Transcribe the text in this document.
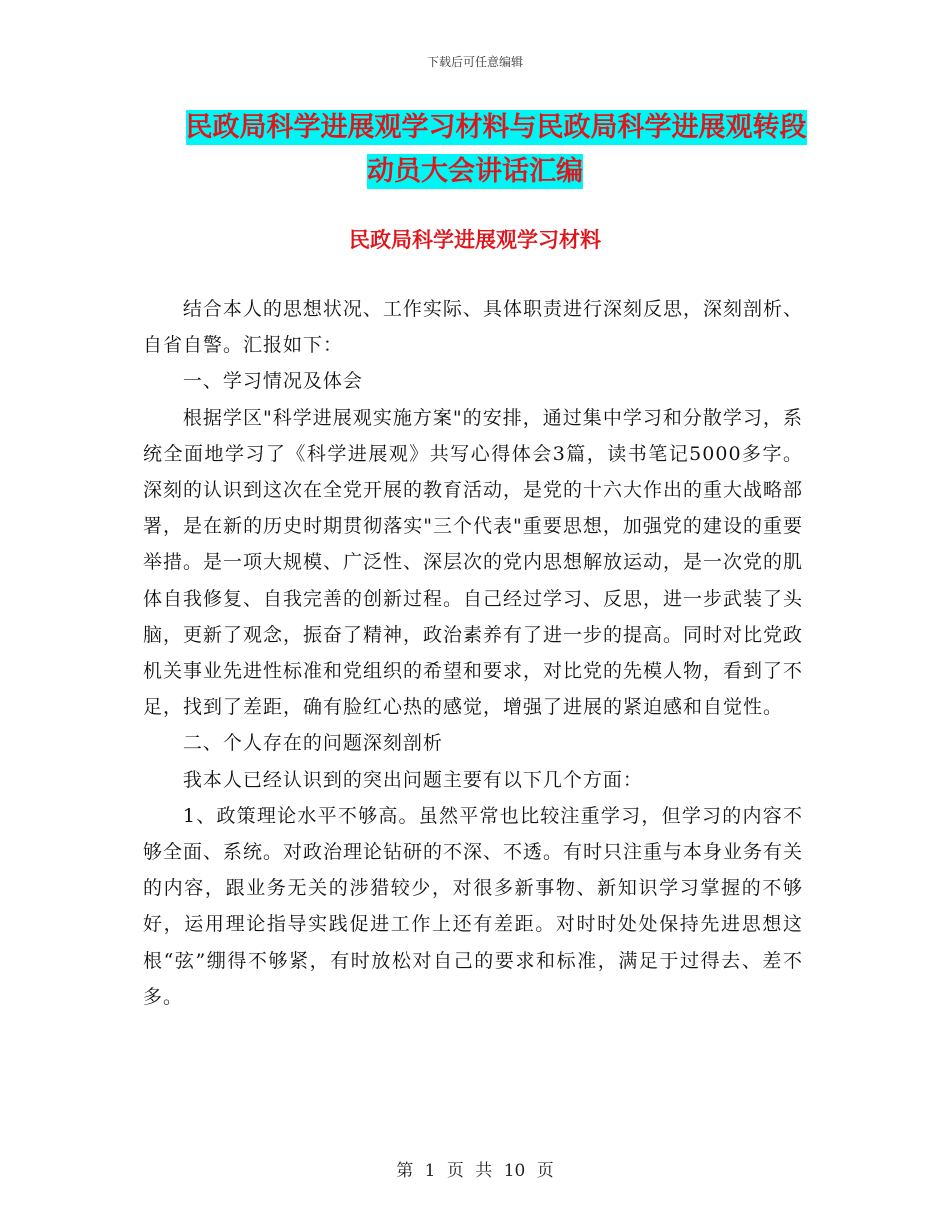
下载后可任意编辑
民政局科学进展观学习材料与民政局科学进展观转段
动员大会讲话汇编
民政局科学进展观学习材料

结合本人的思想状况、工作实际、具体职责进行深刻反思，深刻剖析、自省自警。汇报如下：

一、学习情况及体会

根据学区"科学进展观实施方案"的安排，通过集中学习和分散学习，系统全面地学习了《科学进展观》共写心得体会3篇，读书笔记5000多字。深刻的认识到这次在全党开展的教育活动，是党的十六大作出的重大战略部署，是在新的历史时期贯彻落实"三个代表"重要思想，加强党的建设的重要举措。是一项大规模、广泛性、深层次的党内思想解放运动，是一次党的肌体自我修复、自我完善的创新过程。自己经过学习、反思，进一步武装了头脑，更新了观念，振奋了精神，政治素养有了进一步的提高。同时对比党政机关事业先进性标准和党组织的希望和要求，对比党的先模人物，看到了不足，找到了差距，确有脸红心热的感觉，增强了进展的紧迫感和自觉性。

二、个人存在的问题深刻剖析

我本人已经认识到的突出问题主要有以下几个方面：

1、政策理论水平不够高。虽然平常也比较注重学习，但学习的内容不够全面、系统。对政治理论钻研的不深、不透。有时只注重与本身业务有关的内容，跟业务无关的涉猎较少，对很多新事物、新知识学习掌握的不够好，运用理论指导实践促进工作上还有差距。对时时处处保持先进思想这根“弦”绷得不够紧，有时放松对自己的要求和标准，满足于过得去、差不多。

第 1 页 共 10 页
